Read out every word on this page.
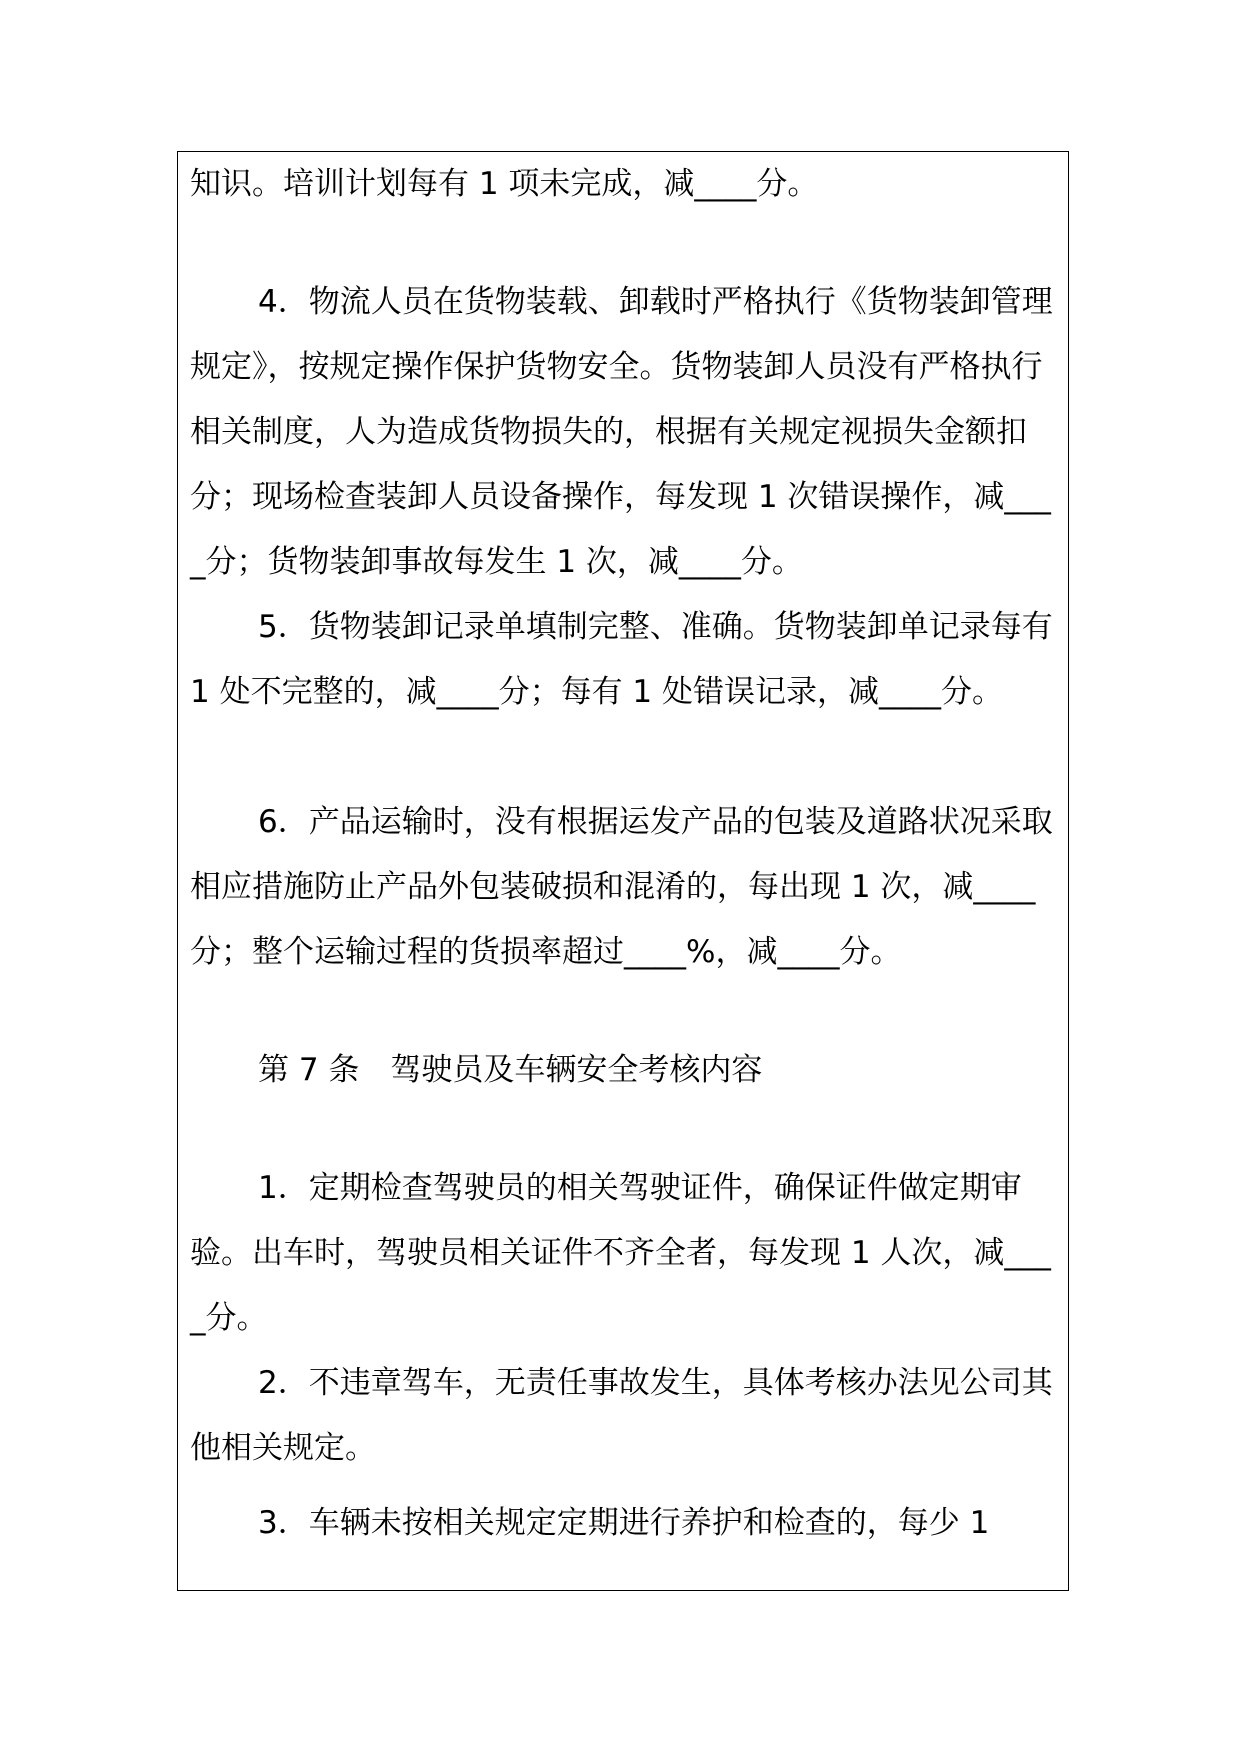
知识。培训计划每有 1 项未完成，减____分。

4．物流人员在货物装载、卸载时严格执行《货物装卸管理规定》，按规定操作保护货物安全。货物装卸人员没有严格执行相关制度，人为造成货物损失的，根据有关规定视损失金额扣分；现场检查装卸人员设备操作，每发现 1 次错误操作，减____分；货物装卸事故每发生 1 次，减____分。

5．货物装卸记录单填制完整、准确。货物装卸单记录每有 1 处不完整的，减____分；每有 1 处错误记录，减____分。

6．产品运输时，没有根据运发产品的包装及道路状况采取相应措施防止产品外包装破损和混淆的，每出现 1 次，减____分；整个运输过程的货损率超过____%，减____分。

第 7 条　驾驶员及车辆安全考核内容

1．定期检查驾驶员的相关驾驶证件，确保证件做定期审验。出车时，驾驶员相关证件不齐全者，每发现 1 人次，减____分。

2．不违章驾车，无责任事故发生，具体考核办法见公司其他相关规定。

3．车辆未按相关规定定期进行养护和检查的，每少 1
